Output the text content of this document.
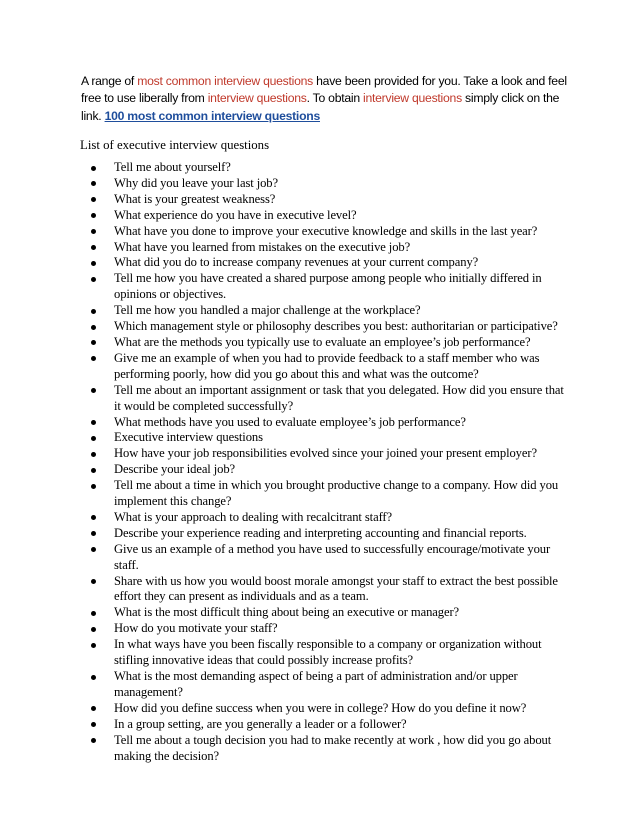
A range of most common interview questions have been provided for you. Take a look and feel free to use liberally from interview questions. To obtain interview questions simply click on the link. 100 most common interview questions
List of executive interview questions
Tell me about yourself?
Why did you leave your last job?
What is your greatest weakness?
What experience do you have in executive level?
What have you done to improve your executive knowledge and skills in the last year?
What have you learned from mistakes on the executive job?
What did you do to increase company revenues at your current company?
Tell me how you have created a shared purpose among people who initially differed in opinions or objectives.
Tell me how you handled a major challenge at the workplace?
Which management style or philosophy describes you best: authoritarian or participative?
What are the methods you typically use to evaluate an employee’s job performance?
Give me an example of when you had to provide feedback to a staff member who was performing poorly, how did you go about this and what was the outcome?
Tell me about an important assignment or task that you delegated. How did you ensure that it would be completed successfully?
What methods have you used to evaluate employee’s job performance?
Executive interview questions
How have your job responsibilities evolved since your joined your present employer?
Describe your ideal job?
Tell me about a time in which you brought productive change to a company. How did you implement this change?
What is your approach to dealing with recalcitrant staff?
Describe your experience reading and interpreting accounting and financial reports.
Give us an example of a method you have used to successfully encourage/motivate your staff.
Share with us how you would boost morale amongst your staff to extract the best possible effort they can present as individuals and as a team.
What is the most difficult thing about being an executive or manager?
How do you motivate your staff?
In what ways have you been fiscally responsible to a company or organization without stifling innovative ideas that could possibly increase profits?
What is the most demanding aspect of being a part of administration and/or upper management?
How did you define success when you were in college? How do you define it now?
In a group setting, are you generally a leader or a follower?
Tell me about a tough decision you had to make recently at work , how did you go about making the decision?
